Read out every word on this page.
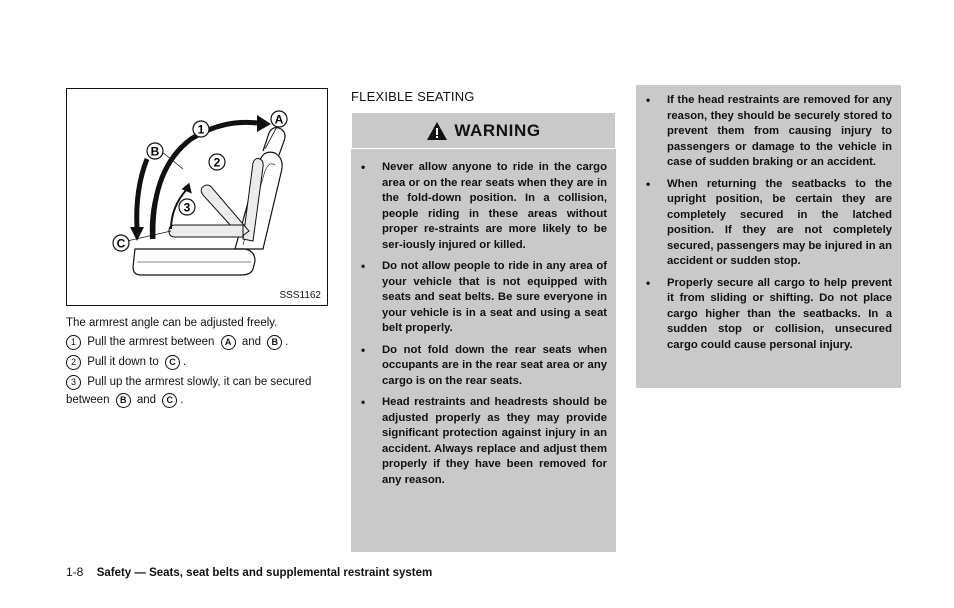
1
A
B
2
3
C
SSS1162

The armrest angle can be adjusted freely.

1 Pull the armrest between A and B .

2 Pull it down to C .

3 Pull up the armrest slowly, it can be secured between B and C .

FLEXIBLE SEATING
WARNING
• Never allow anyone to ride in the cargo area or on the rear seats when they are in the fold-down position. In a collision, people riding in these areas without proper re-straints are more likely to be ser-iously injured or killed.
• Do not allow people to ride in any area of your vehicle that is not equipped with seats and seat belts. Be sure everyone in your vehicle is in a seat and using a seat belt properly.
• Do not fold down the rear seats when occupants are in the rear seat area or any cargo is on the rear seats.
• Head restraints and headrests should be adjusted properly as they may provide significant protection against injury in an accident. Always replace and adjust them properly if they have been removed for any reason.
• If the head restraints are removed for any reason, they should be securely stored to prevent them from causing injury to passengers or damage to the vehicle in case of sudden braking or an accident.
• When returning the seatbacks to the upright position, be certain they are completely secured in the latched position. If they are not completely secured, passengers may be injured in an accident or sudden stop.
• Properly secure all cargo to help prevent it from sliding or shifting. Do not place cargo higher than the seatbacks. In a sudden stop or collision, unsecured cargo could cause personal injury.
1-8 Safety — Seats, seat belts and supplemental restraint system
